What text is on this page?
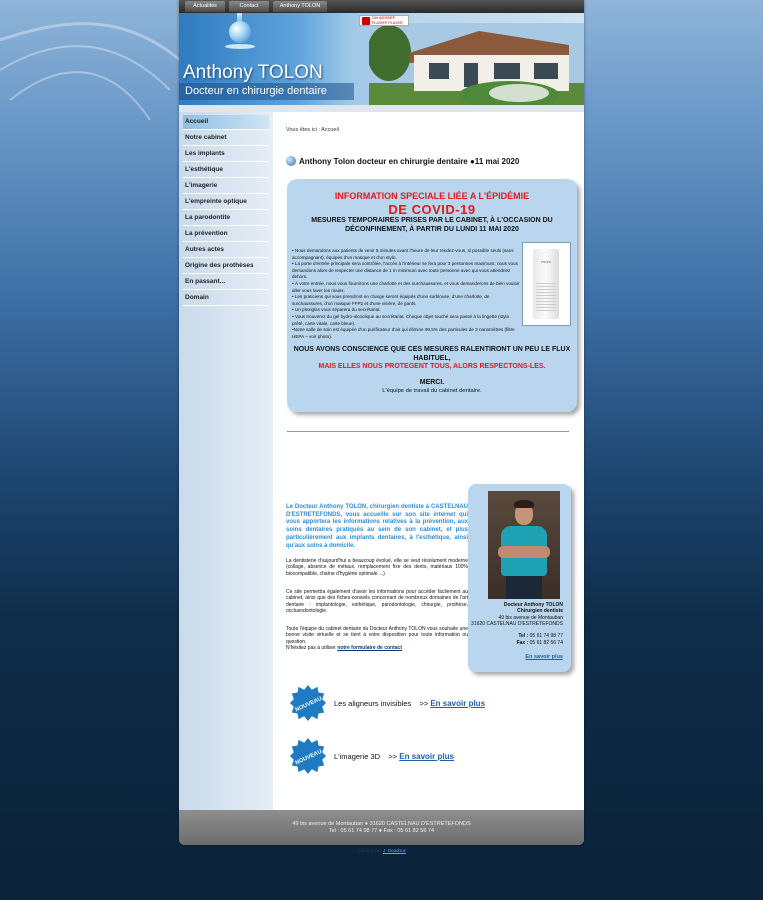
Actualités	Contact	Anthony TOLON
Get ADOBE® FLASH® PLAYER
Anthony TOLON
Docteur en chirurgie dentaire
Accueil
Notre cabinet
Les implants
L'esthétique
L'imagerie
L'empreinte optique
La parodontite
La prévention
Autres actes
Origine des prothèses
En passant...
Domain
Vous êtes ici : Accueil
Anthony Tolon docteur en chirurgie dentaire ●11 mai 2020
INFORMATION SPECIALE LIÉE A L'ÉPIDÉMIE
DE COVID-19
MESURES TEMPORAIRES PRISES PAR LE CABINET, À L'OCCASION DU DÉCONFINEMENT, À PARTIR DU LUNDI 11 MAI 2020
• Nous demandons aux patients de venir 5 minutes avant l'heure de leur rendez-vous, si possible seuls (sans accompagnant), équipés d'un masque et d'un stylo.
• La porte d'entrée principale sera contrôlée, l'accès à l'intérieur se fera pour 3 personnes maximum; nous vous demandons alors de respecter une distance de 1 m minimum avec toute personne avec qui vous attendriez dehors.
• À votre entrée, nous vous fournirons une charlotte et des surchaussures, et vous demanderons de bien vouloir aller vous laver les mains.
• Les praticiens qui vous prendront en charge seront équipés d'une surblouse, d'une charlotte, de surchaussures, d'un masque FFP2 et d'une visière, de gants.
• Un plexiglas vous séparera du secrétariat.
• Vous trouverez du gel hydro-alcoolique au secrétariat. Chaque objet touché sera passé à la lingette (stylo prêté, carte vitale, carte bleue).
•Notre salle de soin est équipée d'un purificateur d'air qui élimine 99,5% des particules de 3 nanomètres (filtre HEPA – voir photo).
PHILIPS
NOUS AVONS CONSCIENCE QUE CES MESURES RALENTIRONT UN PEU LE FLUX HABITUEL,
MAIS ELLES NOUS PROTEGENT TOUS, ALORS RESPECTONS-LES.
MERCI.
L'équipe de travail du cabinet dentaire.
Le Docteur Anthony TOLON, chirurgien dentiste à CASTELNAU D'ESTRETEFONDS, vous accueille sur son site internet qui vous apportera les informations relatives à la prévention, aux soins dentaires pratiqués au sein de son cabinet, et plus particulièrement aux implants dentaires, à l'esthétique, ainsi qu'aux soins à domicile.
La dentisterie d'aujourd'hui a beaucoup évolué, elle se veut résolument moderne (collage, absence de métaux, remplacement fixe des dents, matériaux 100% biocompatible, chaîne d'hygiène optimale ...)
Ce site permettra également d'avoir les informations pour accéder facilement au cabinet, ainsi que des fiches-conseils concernant de nombreux domaines de l'art dentaire : implantologie, esthétique, parodontologie, chirurgie, prothèse, occlusodontologie.
Toute l'équipe du cabinet dentaire du Docteur Anthony TOLON vous souhaite une bonne visite virtuelle et se tient à votre disposition pour toute information ou question.
N'hésitez pas à utiliser notre formulaire de contact
Docteur Anthony TOLON
Chirurgien dentiste
49 bis avenue de Montauban
31620 CASTELNAU D'ESTRETEFONDS
Tel : 05 61 74 98 77
Fax : 05 61 82 56 74
En savoir plus
NOUVEAU Les aligneurs invisibles >> En savoir plus
NOUVEAU L'imagerie 3D >> En savoir plus
49 bis avenue de Montauban ● 31620 CASTELNAU D'ESTRETEFONDS
Tel : 05 61 74 98 77 ● Fax : 05 61 82 56 74
Création par J. Doudoux
